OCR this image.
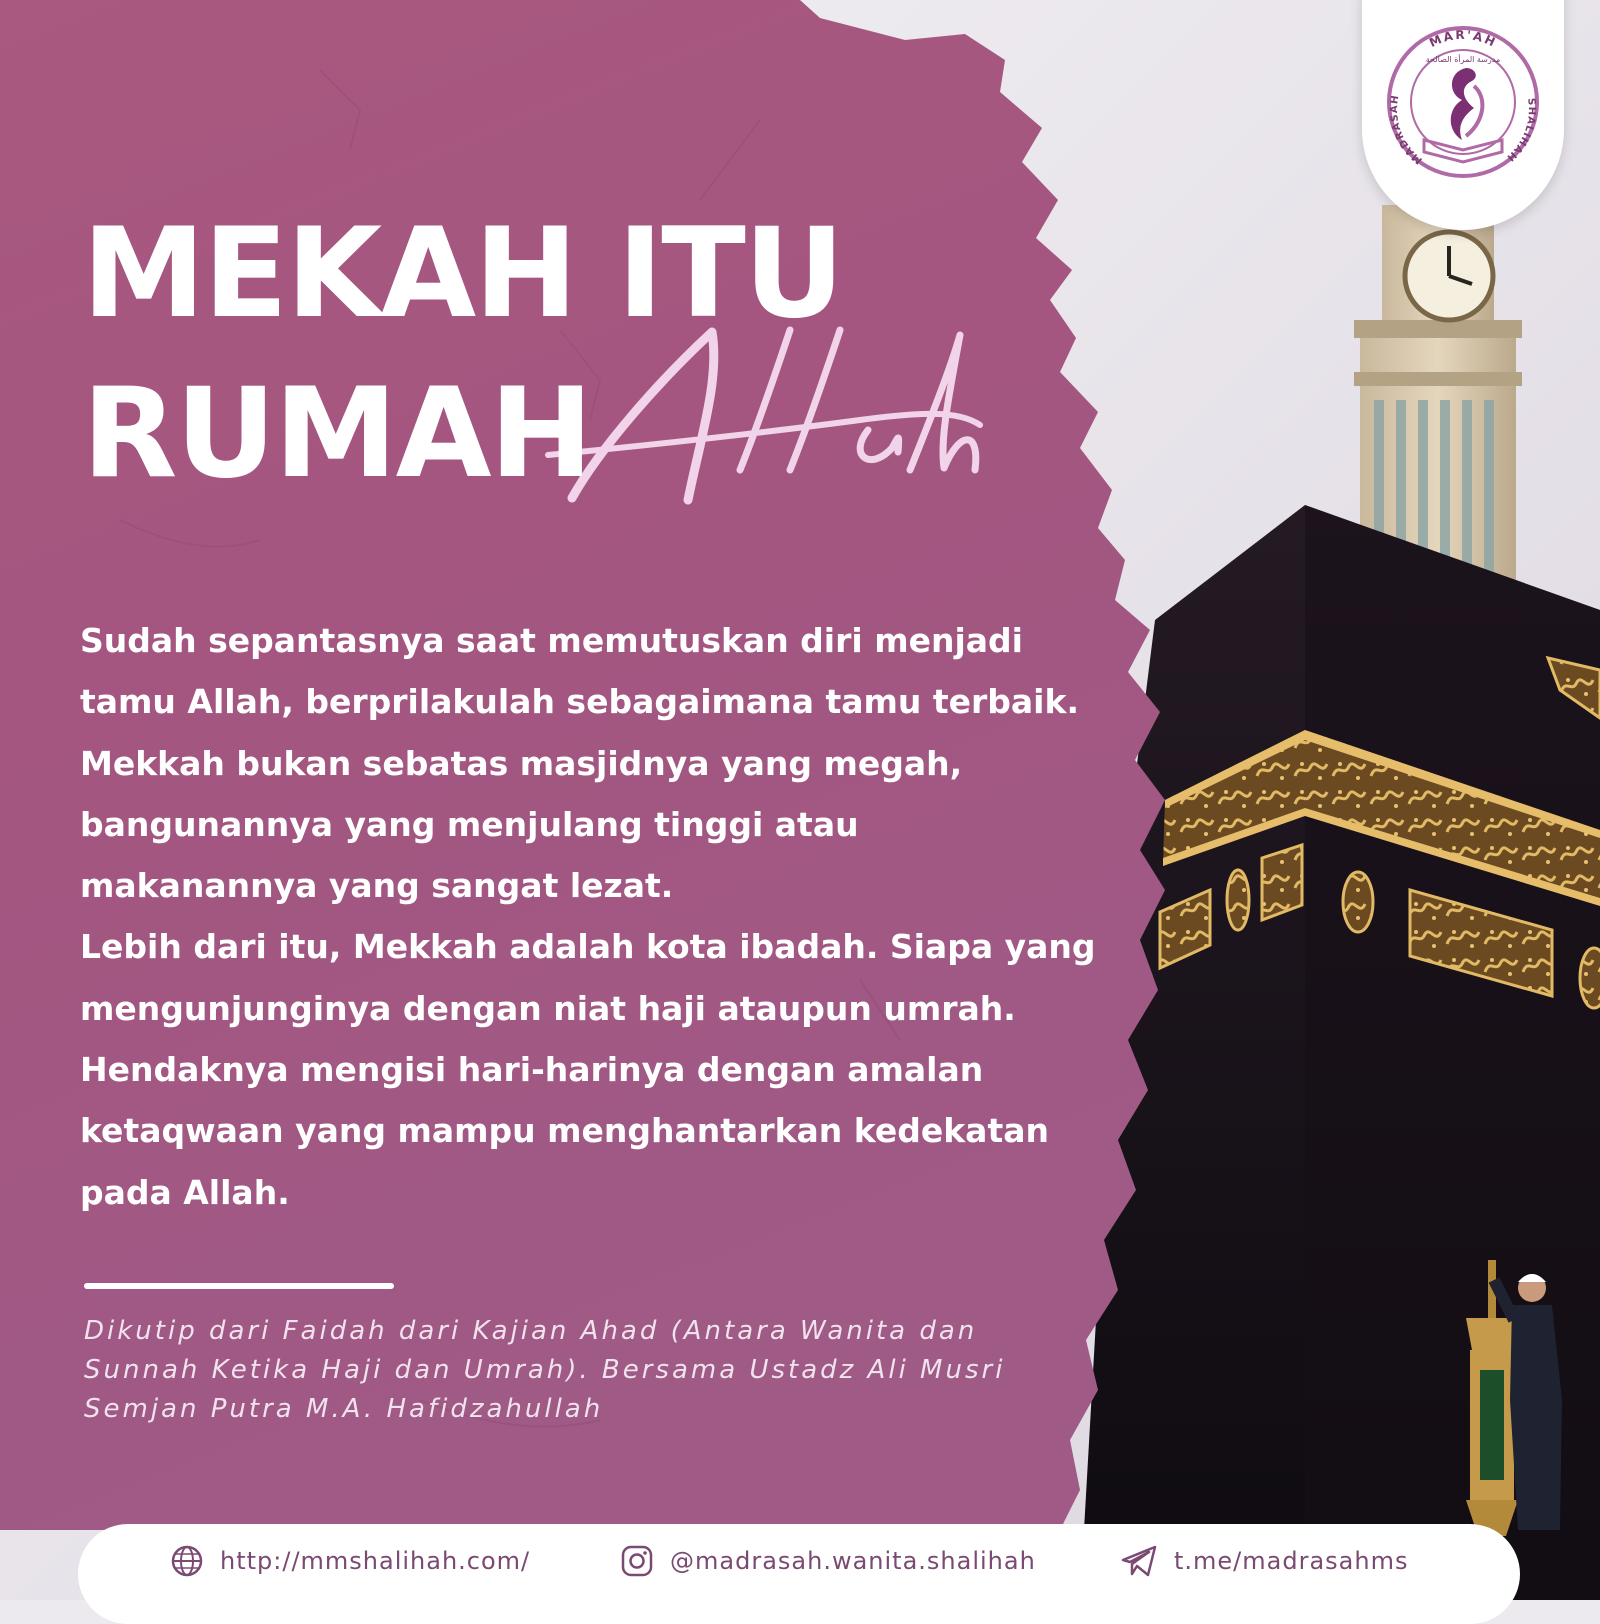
MEKAH ITU
RUMAH
Sudah sepantasnya saat memutuskan diri menjadi
tamu Allah, berprilakulah sebagaimana tamu terbaik.
Mekkah bukan sebatas masjidnya yang megah,
bangunannya yang menjulang tinggi atau
makanannya yang sangat lezat.
Lebih dari itu, Mekkah adalah kota ibadah. Siapa yang
mengunjunginya dengan niat haji ataupun umrah.
Hendaknya mengisi hari-harinya dengan amalan
ketaqwaan yang mampu menghantarkan kedekatan
pada Allah.
Dikutip dari Faidah dari Kajian Ahad (Antara Wanita dan
Sunnah Ketika Haji dan Umrah). Bersama Ustadz Ali Musri
Semjan Putra M.A. Hafidzahullah
MAR'AH
MADRASAH	SHALIHAH
مدرسة المرأة الصالحة
http://mmshalihah.com/	@madrasah.wanita.shalihah	t.me/madrasahms
